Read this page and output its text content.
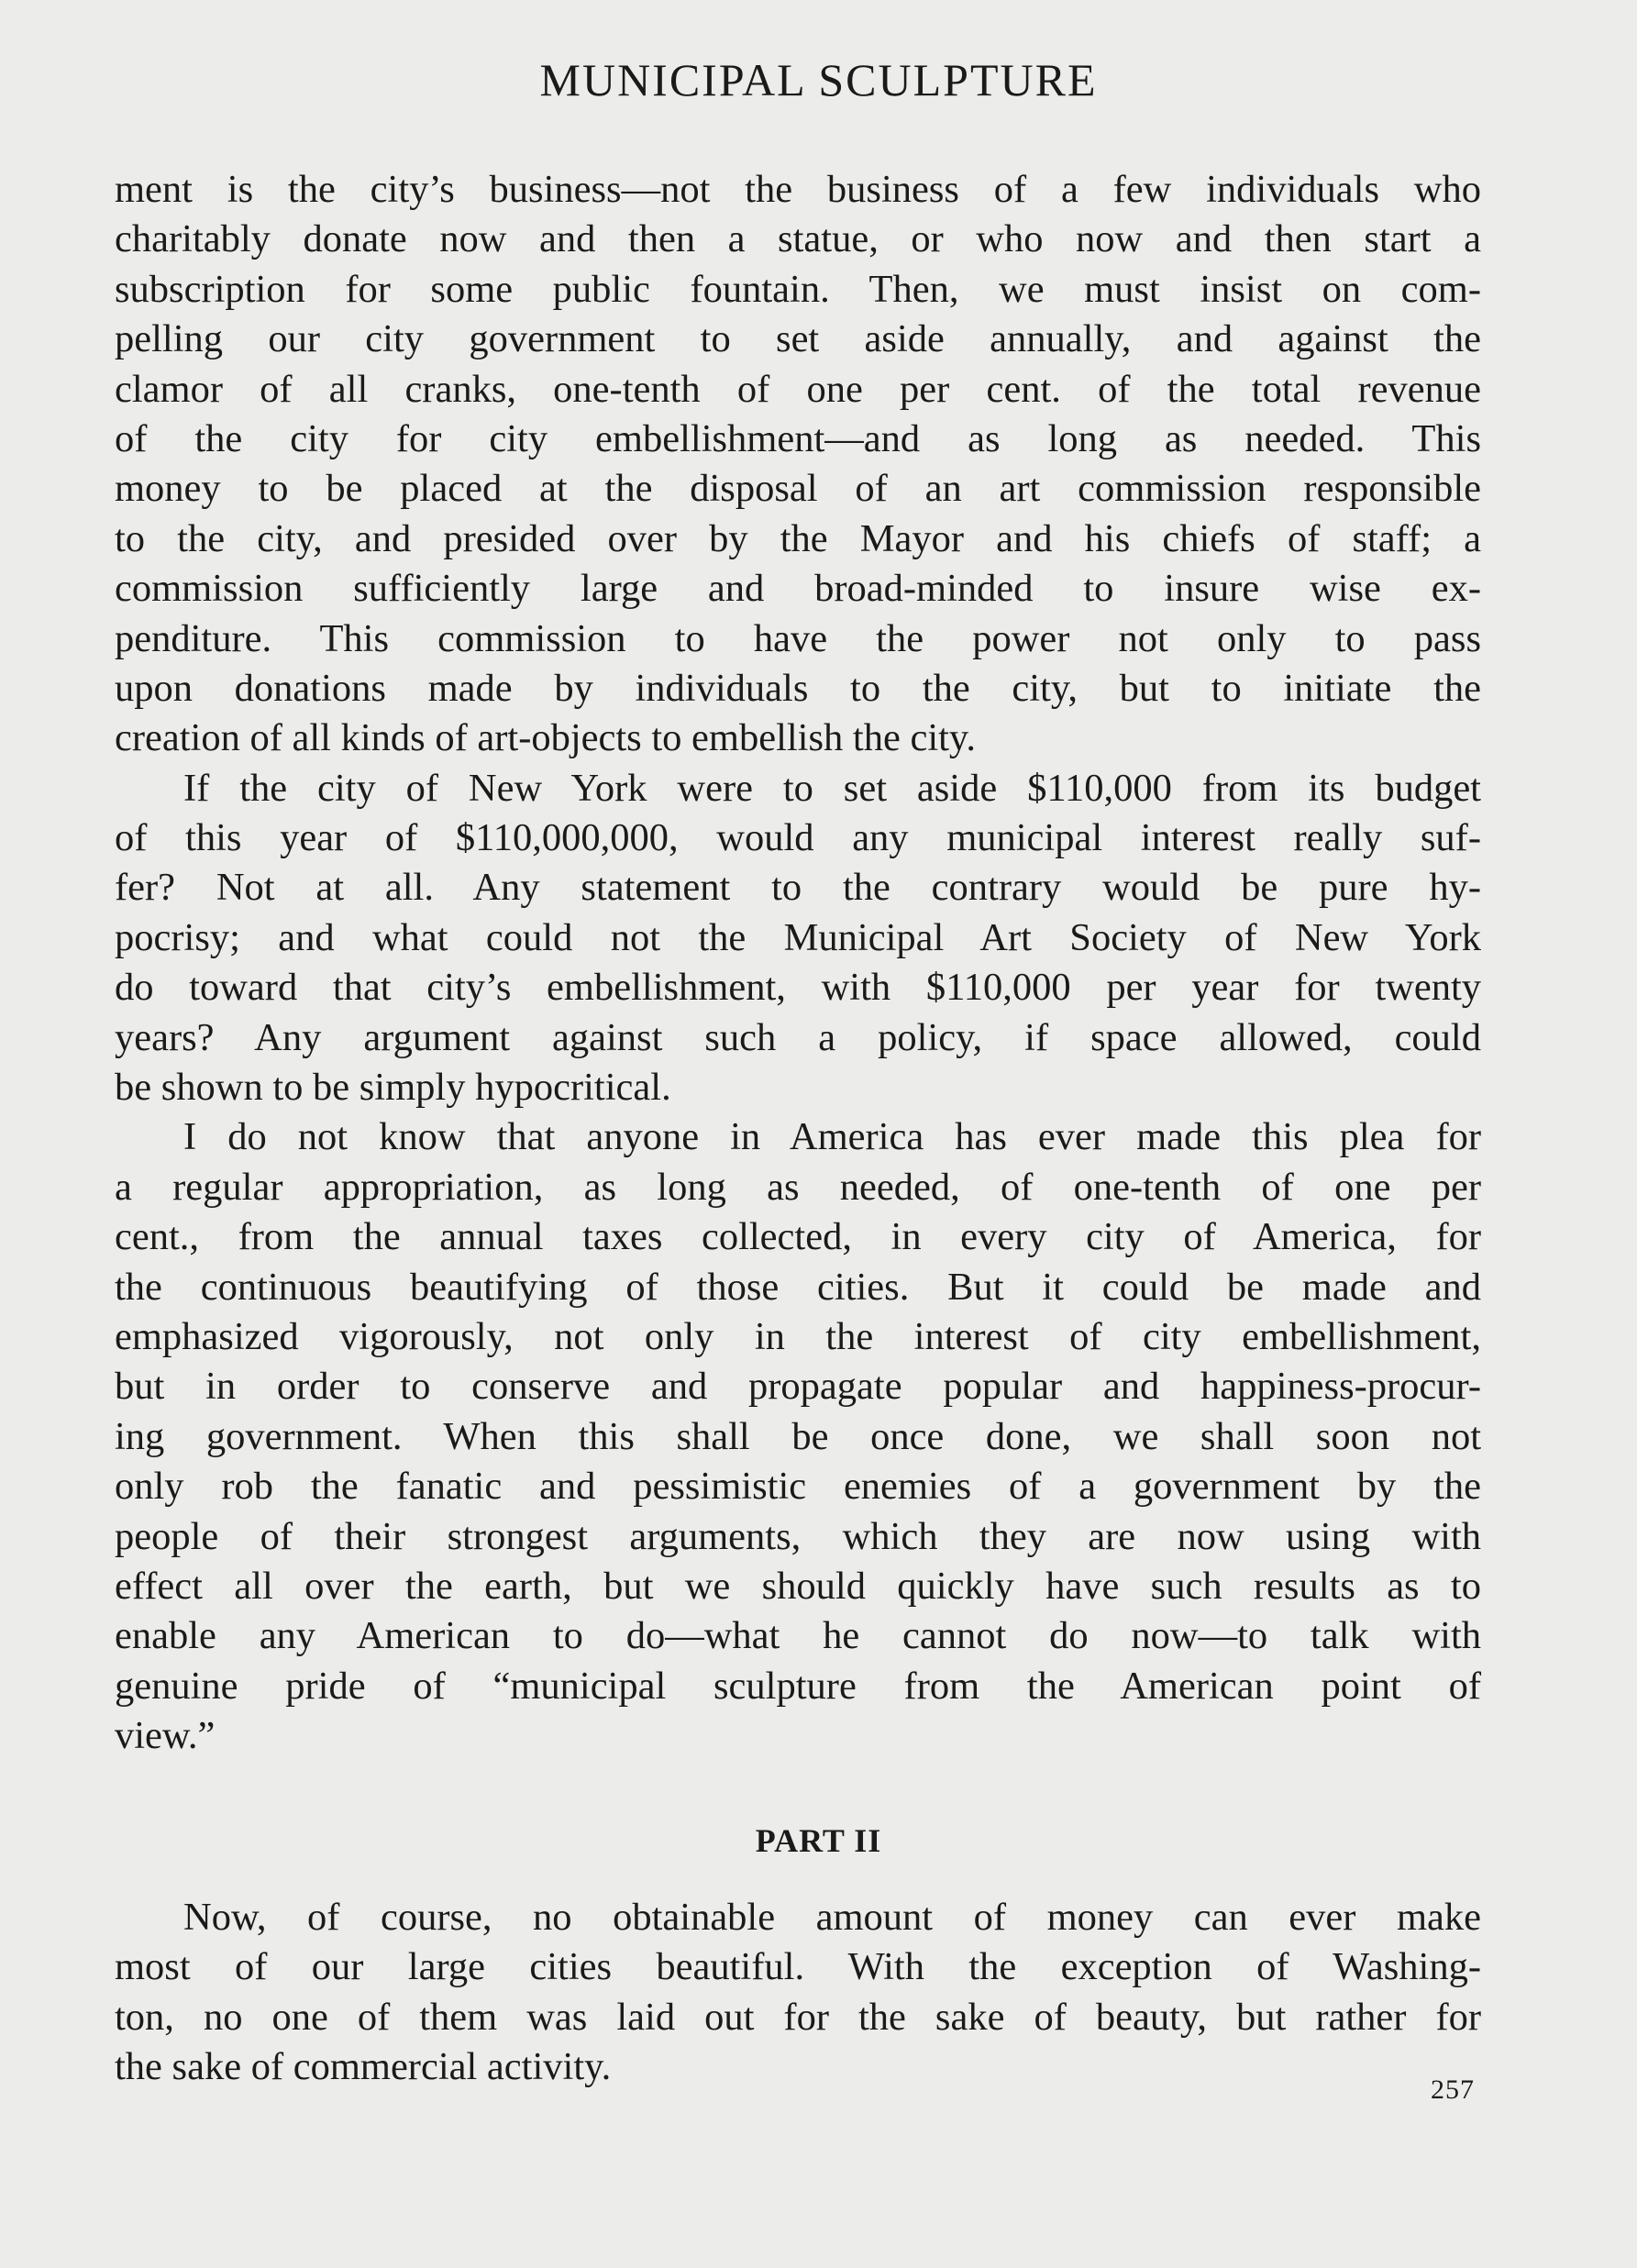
MUNICIPAL SCULPTURE
ment is the city’s business—not the business of a few individuals who
charitably donate now and then a statue, or who now and then start a
subscription for some public fountain. Then, we must insist on com-
pelling our city government to set aside annually, and against the
clamor of all cranks, one-tenth of one per cent. of the total revenue
of the city for city embellishment—and as long as needed. This
money to be placed at the disposal of an art commission responsible
to the city, and presided over by the Mayor and his chiefs of staff; a
commission sufficiently large and broad-minded to insure wise ex-
penditure. This commission to have the power not only to pass
upon donations made by individuals to the city, but to initiate the
creation of all kinds of art-objects to embellish the city.
If the city of New York were to set aside $110,000 from its budget
of this year of $110,000,000, would any municipal interest really suf-
fer? Not at all. Any statement to the contrary would be pure hy-
pocrisy; and what could not the Municipal Art Society of New York
do toward that city’s embellishment, with $110,000 per year for twenty
years? Any argument against such a policy, if space allowed, could
be shown to be simply hypocritical.
I do not know that anyone in America has ever made this plea for
a regular appropriation, as long as needed, of one-tenth of one per
cent., from the annual taxes collected, in every city of America, for
the continuous beautifying of those cities. But it could be made and
emphasized vigorously, not only in the interest of city embellishment,
but in order to conserve and propagate popular and happiness-procur-
ing government. When this shall be once done, we shall soon not
only rob the fanatic and pessimistic enemies of a government by the
people of their strongest arguments, which they are now using with
effect all over the earth, but we should quickly have such results as to
enable any American to do—what he cannot do now—to talk with
genuine pride of “municipal sculpture from the American point of
view.”
PART II
Now, of course, no obtainable amount of money can ever make
most of our large cities beautiful. With the exception of Washing-
ton, no one of them was laid out for the sake of beauty, but rather for
the sake of commercial activity.
257
